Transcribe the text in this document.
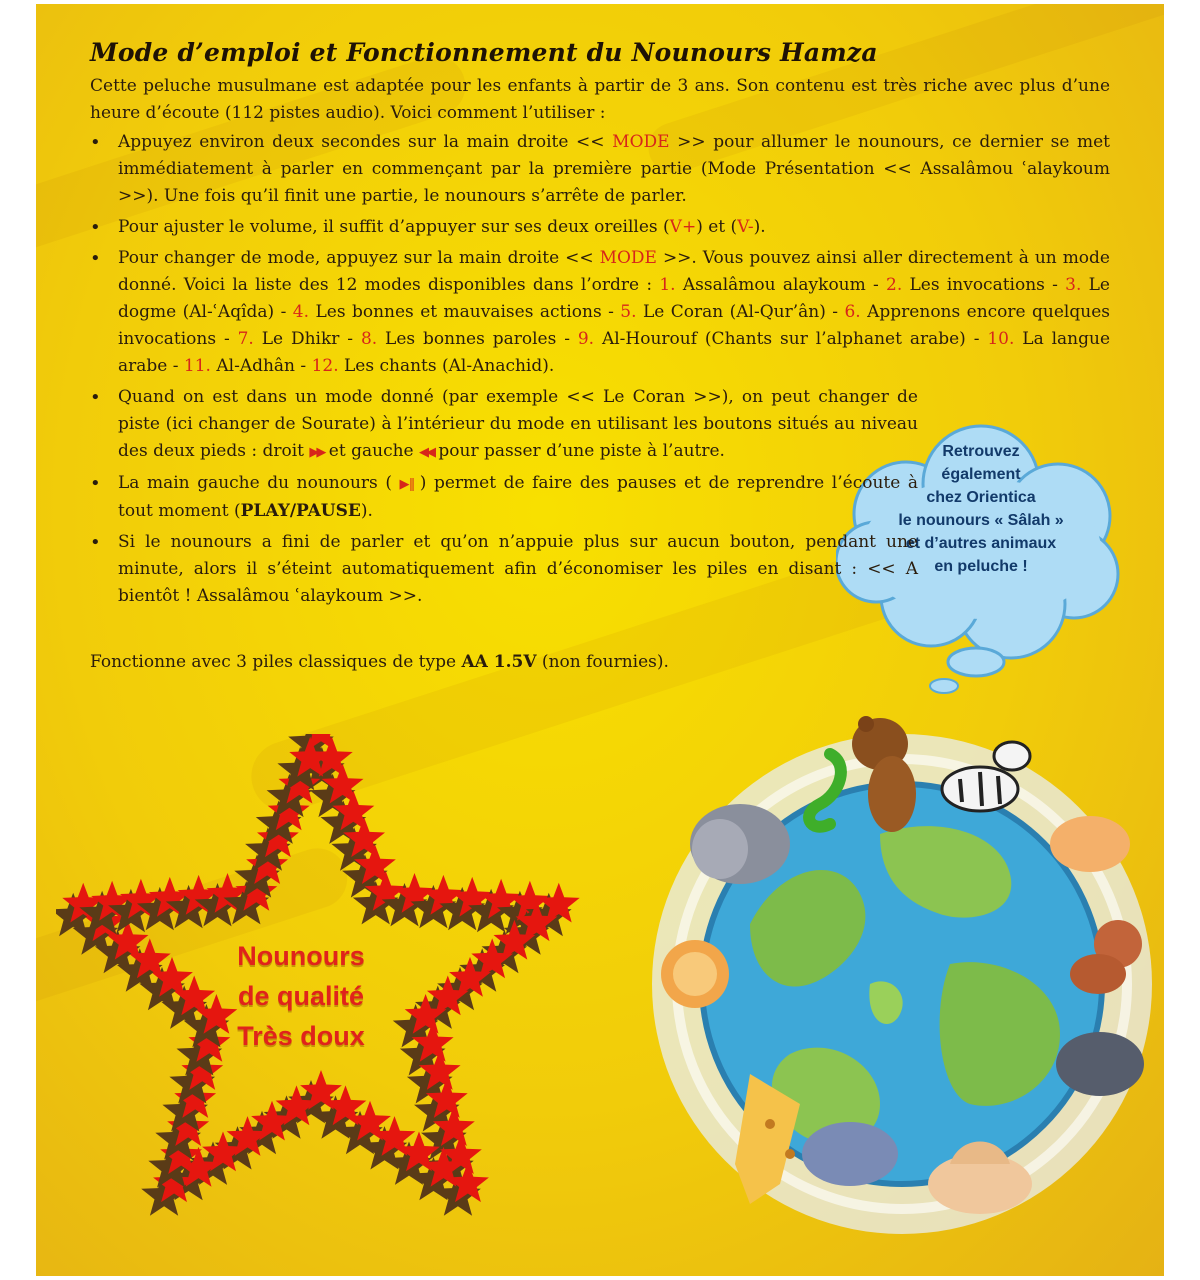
Nounours
de qualité
Très doux
Retrouvez
également
chez Orientica
le nounours « Sâlah »
et d’autres animaux
en peluche !
Mode d’emploi et Fonctionnement du Nounours Hamza

Cette peluche musulmane est adaptée pour les enfants à partir de 3 ans. Son contenu est très riche avec plus d’une heure d’écoute (112 pistes audio). Voici comment l’utiliser :

• Appuyez environ deux secondes sur la main droite << MODE >> pour allumer le nounours, ce dernier se met immédiatement à parler en commençant par la première partie (Mode Présentation << Assalâmou ʿalaykoum >>). Une fois qu’il finit une partie, le nounours s’arrête de parler.
• Pour ajuster le volume, il suffit d’appuyer sur ses deux oreilles (V+) et (V-).
• Pour changer de mode, appuyez sur la main droite << MODE >>. Vous pouvez ainsi aller directement à un mode donné. Voici la liste des 12 modes disponibles dans l’ordre : 1. Assalâmou alaykoum - 2. Les invocations - 3. Le dogme (Al-ʿAqîda) - 4. Les bonnes et mauvaises actions - 5. Le Coran (Al-Qur’ân) - 6. Apprenons encore quelques invocations - 7. Le Dhikr - 8. Les bonnes paroles - 9. Al-Hourouf (Chants sur l’alphanet arabe) - 10. La langue arabe - 11. Al-Adhân - 12. Les chants (Al-Anachid).
• Quand on est dans un mode donné (par exemple << Le Coran >>), on peut changer de piste (ici changer de Sourate) à l’intérieur du mode en utilisant les boutons situés au niveau des deux pieds : droit ▶▶ et gauche ◀◀ pour passer d’une piste à l’autre.
• La main gauche du nounours ( ▶‖ ) permet de faire des pauses et de reprendre l’écoute à tout moment (PLAY/PAUSE).
• Si le nounours a fini de parler et qu’on n’appuie plus sur aucun bouton, pendant une minute, alors il s’éteint automatiquement afin d’économiser les piles en disant : << A bientôt ! Assalâmou ʿalaykoum >>.
Fonctionne avec 3 piles classiques de type AA 1.5V (non fournies).
